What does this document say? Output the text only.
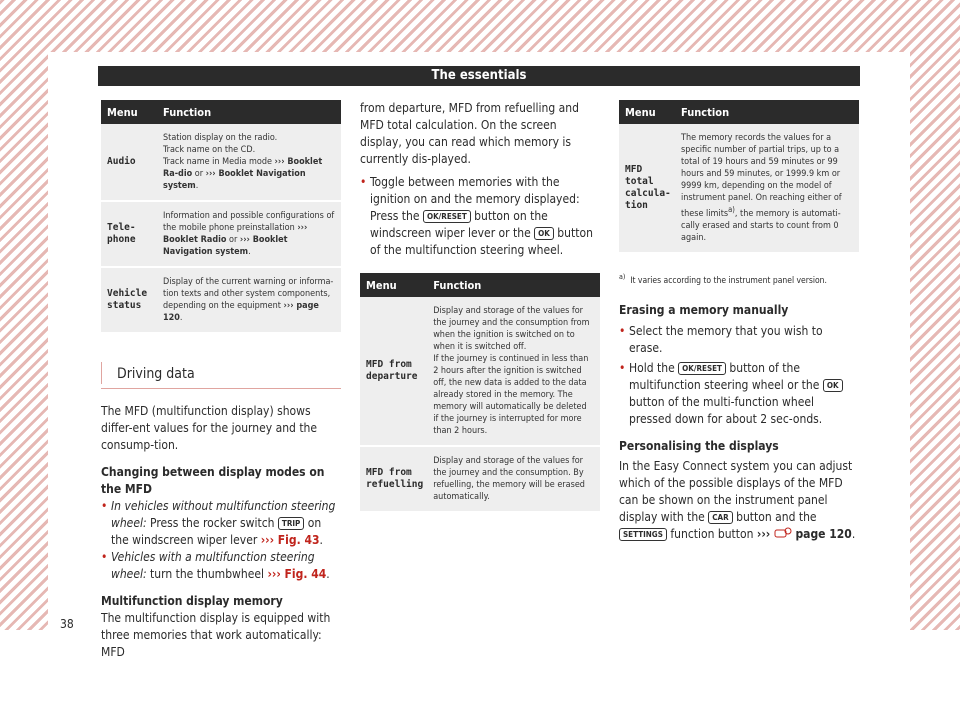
The essentials
Menu	Function
Audio	Station display on the radio.
Track name on the CD.
Track name in Media mode ››› Booklet Ra-dio or ››› Booklet Navigation system.
Tele-phone	Information and possible configurations of the mobile phone preinstallation ››› Booklet Radio or ››› Booklet Navigation system.
Vehicle status	Display of the current warning or informa-tion texts and other system components, depending on the equipment ››› page 120.
Driving data

The MFD (multifunction display) shows differ-ent values for the journey and the consump-tion.

Changing between display modes on the MFD

• In vehicles without multifunction steering wheel: Press the rocker switch TRIP on the windscreen wiper lever ››› Fig. 43.

• Vehicles with a multifunction steering wheel: turn the thumbwheel ››› Fig. 44.

Multifunction display memory

The multifunction display is equipped with three memories that work automatically: MFD

from departure, MFD from refuelling and MFD total calculation. On the screen display, you can read which memory is currently dis-played.

• Toggle between memories with the ignition on and the memory displayed: Press the OK/RESET button on the windscreen wiper lever or the OK button of the multifunction steering wheel.

Menu	Function
MFD from departure	Display and storage of the values for the journey and the consumption from when the ignition is switched on to when it is switched off.
If the journey is continued in less than 2 hours after the ignition is switched off, the new data is added to the data already stored in the memory. The memory will automatically be deleted if the journey is interrupted for more than 2 hours.
MFD from refuelling	Display and storage of the values for the journey and the consumption. By refuelling, the memory will be erased automatically.
Menu	Function
MFD total calcula-tion	The memory records the values for a specific number of partial trips, up to a total of 19 hours and 59 minutes or 99 hours and 59 minutes, or 1999.9 km or 9999 km, depending on the model of instrument panel. On reaching either of these limits$^{a)}$, the memory is automati-cally erased and starts to count from 0 again.

$^{a)}$ It varies according to the instrument panel version.

Erasing a memory manually

• Select the memory that you wish to erase.

• Hold the OK/RESET button of the multifunction steering wheel or the OK button of the multi-function wheel pressed down for about 2 sec-onds.

Personalising the displays

In the Easy Connect system you can adjust which of the possible displays of the MFD can be shown on the instrument panel display with the CAR button and the SETTINGS function button ›››  page 120.

38
